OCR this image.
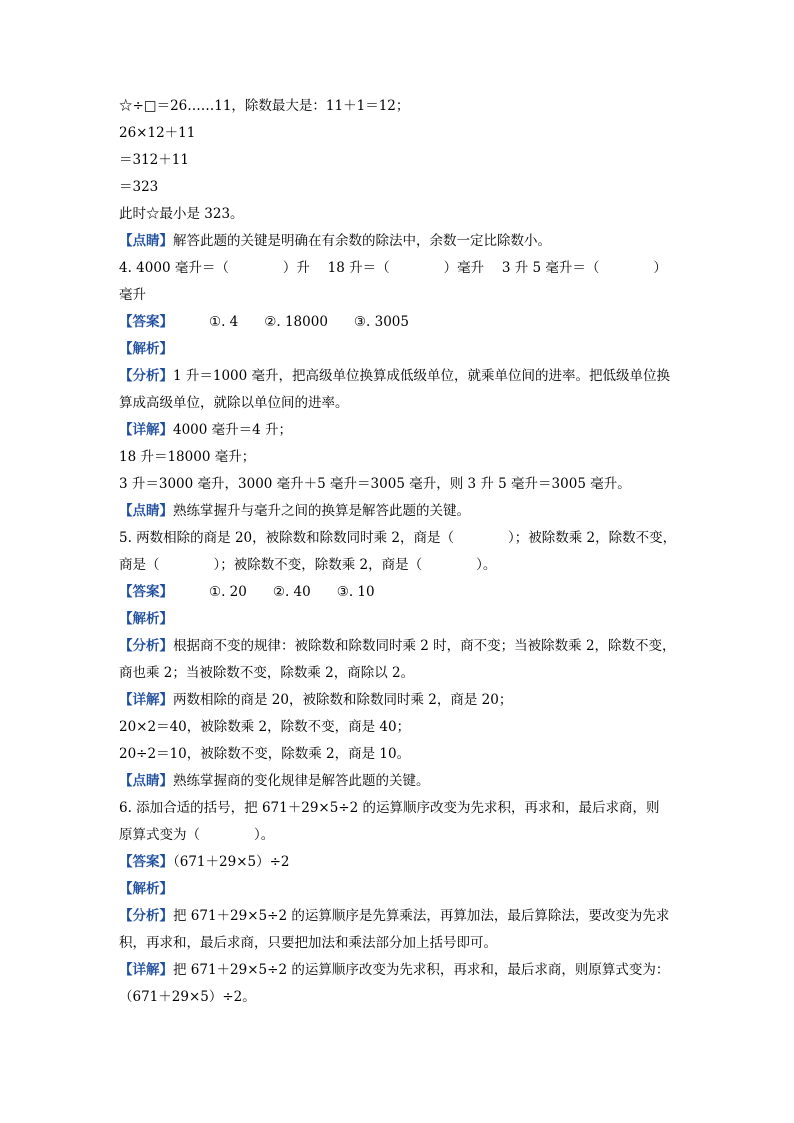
☆÷□＝26……11，除数最大是：11＋1＝12；
26×12＋11
＝312＋11
＝323
此时☆最小是 323。
【点睛】解答此题的关键是明确在有余数的除法中，余数一定比除数小。
4. 4000 毫升＝（　　　　）升　 18 升＝（　　　　）毫升　 3 升 5 毫升＝（　　　　）
毫升
【答案】	①. 4 ②. 18000 ③. 3005
【解析】
【分析】1 升＝1000 毫升，把高级单位换算成低级单位，就乘单位间的进率。把低级单位换
算成高级单位，就除以单位间的进率。
【详解】4000 毫升＝4 升；
18 升＝18000 毫升；
3 升＝3000 毫升，3000 毫升＋5 毫升＝3005 毫升，则 3 升 5 毫升＝3005 毫升。
【点睛】熟练掌握升与毫升之间的换算是解答此题的关键。
5. 两数相除的商是 20，被除数和除数同时乘 2，商是（　　　　）；被除数乘 2，除数不变，
商是（　　　　）；被除数不变，除数乘 2，商是（　　　　）。
【答案】	①. 20 ②. 40 ③. 10
【解析】
【分析】根据商不变的规律：被除数和除数同时乘 2 时，商不变；当被除数乘 2，除数不变，
商也乘 2；当被除数不变，除数乘 2，商除以 2。
【详解】两数相除的商是 20，被除数和除数同时乘 2，商是 20；
20×2＝40，被除数乘 2，除数不变，商是 40；
20÷2＝10，被除数不变，除数乘 2，商是 10。
【点睛】熟练掌握商的变化规律是解答此题的关键。
6. 添加合适的括号，把 671＋29×5÷2 的运算顺序改变为先求积，再求和，最后求商，则
原算式变为（　　　　）。
【答案】（671＋29×5）÷2
【解析】
【分析】把 671＋29×5÷2 的运算顺序是先算乘法，再算加法，最后算除法，要改变为先求
积，再求和，最后求商，只要把加法和乘法部分加上括号即可。
【详解】把 671＋29×5÷2 的运算顺序改变为先求积，再求和，最后求商，则原算式变为：
（671＋29×5）÷2。
